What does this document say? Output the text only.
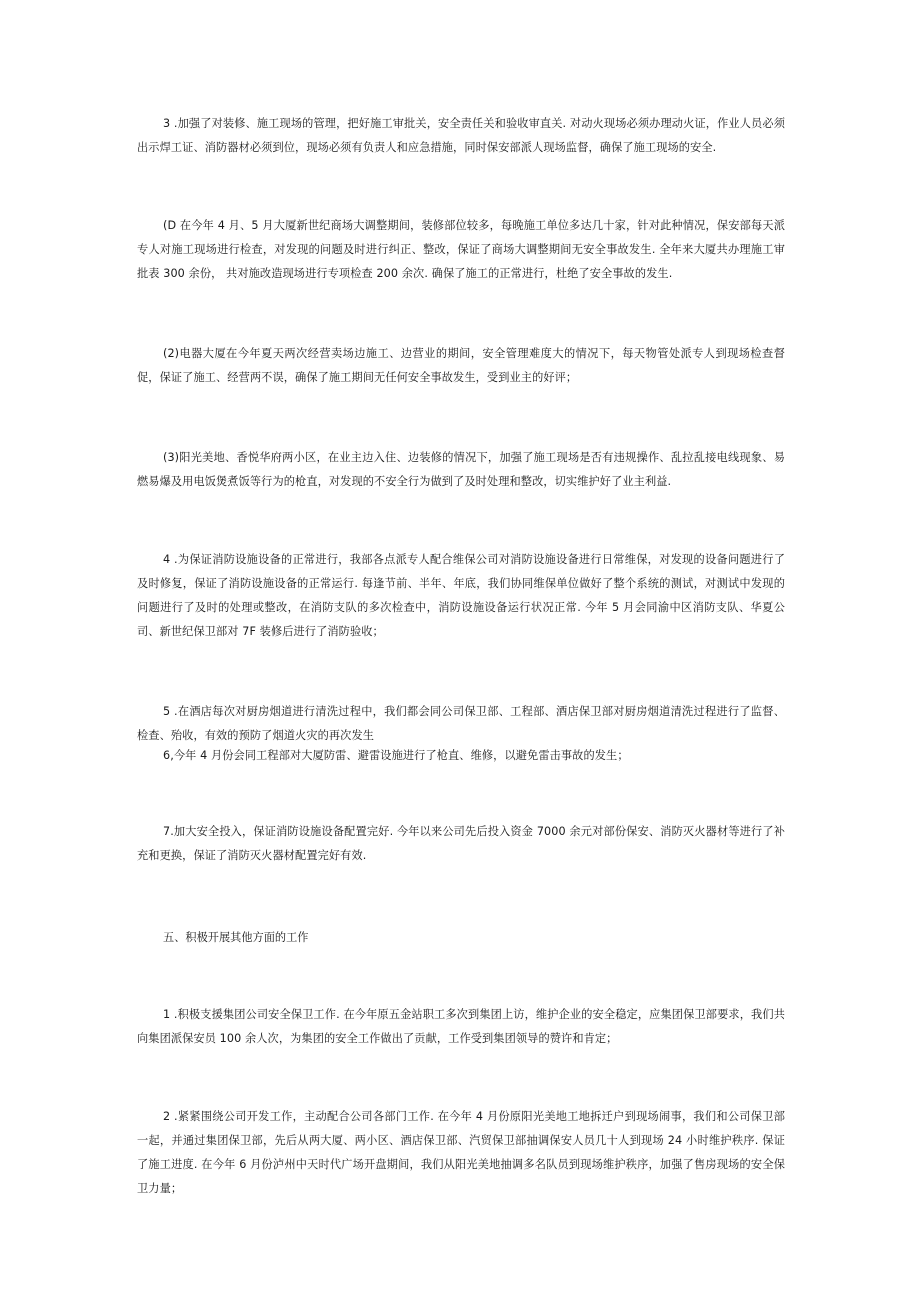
3 .加强了对装修、施工现场的管理，把好施工审批关，安全责任关和验收审直关. 对动火现场必须办理动火证，作业人员必须出示焊工证、消防器材必须到位，现场必须有负责人和应急措施，同时保安部派人现场监督，确保了施工现场的安全.

(D 在今年 4 月、5 月大厦新世纪商场大调整期间，装修部位较多，每晚施工单位多达几十家，针对此种情况，保安部每天派专人对施工现场进行检查，对发现的问题及时进行纠正、整改，保证了商场大调整期间无安全事故发生. 全年来大厦共办理施工审批表 300 余份， 共对施改造现场进行专项检查 200 余次. 确保了施工的正常进行，杜绝了安全事故的发生.

(2)电器大厦在今年夏天两次经营卖场边施工、边营业的期间，安全管理难度大的情况下，每天物管处派专人到现场检查督促，保证了施工、经营两不误，确保了施工期间无任何安全事故发生，受到业主的好评；

(3)阳光美地、香悦华府两小区，在业主边入住、边装修的情况下，加强了施工现场是否有违规操作、乱拉乱接电线现象、易燃易爆及用电饭煲煮饭等行为的枪直，对发现的不安全行为做到了及时处理和整改，切实维护好了业主利益.

4 .为保证消防设施设备的正常进行，我部各点派专人配合维保公司对消防设施设备进行日常维保，对发现的设备问题进行了及时修复，保证了消防设施设备的正常运行. 每逢节前、半年、年底，我们协同维保单位做好了整个系统的测试，对测试中发现的问题进行了及时的处理或整改，在消防支队的多次检查中，消防设施设备运行状况正常. 今年 5 月会同渝中区消防支队、华夏公司、新世纪保卫部对 7F 装修后进行了消防验收；

5 .在酒店每次对厨房烟道进行清洗过程中，我们都会同公司保卫部、工程部、酒店保卫部对厨房烟道清洗过程进行了监督、检查、殆收，有效的预防了烟道火灾的再次发生

6,今年 4 月份会同工程部对大厦防雷、避雷设施进行了枪直、维修，以避免雷击事故的发生；

7.加大安全投入，保证消防设施设备配置完好. 今年以来公司先后投入资金 7000 余元对部份保安、消防灭火器材等进行了补充和更换，保证了消防灭火器材配置完好有效.

五、积极开展其他方面的工作

1 .积极支援集团公司安全保卫工作. 在今年原五金站职工多次到集团上访，维护企业的安全稳定，应集团保卫部要求，我们共向集团派保安员 100 余人次，为集团的安全工作做出了贡献，工作受到集团领导的赞许和肯定；

2 .紧紧围绕公司开发工作，主动配合公司各部门工作. 在今年 4 月份原阳光美地工地拆迁户到现场闹事，我们和公司保卫部一起，并通过集团保卫部，先后从两大厦、两小区、酒店保卫部、汽贸保卫部抽调保安人员几十人到现场 24 小时维护秩序. 保证了施工进度. 在今年 6 月份泸州中天时代广场开盘期间，我们从阳光美地抽调多名队员到现场维护秩序，加强了售房现场的安全保卫力量；
